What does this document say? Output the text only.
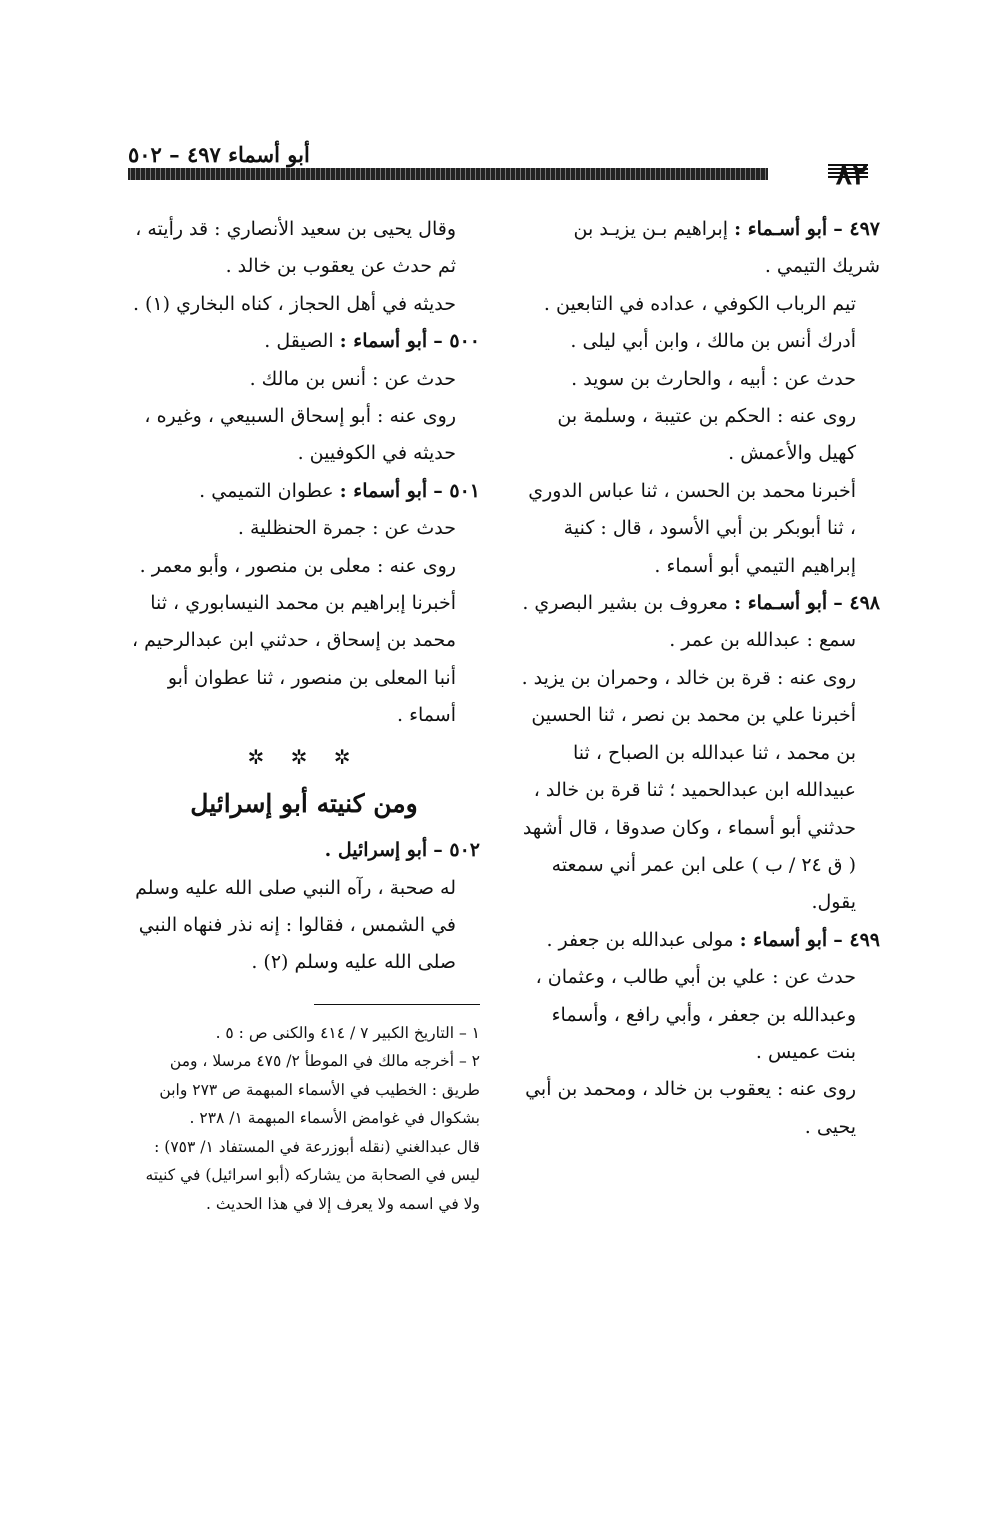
٨٢
أبو أسماء ٤٩٧ – ٥٠٢

٤٩٧ – أبو أسـماء : إبراهيم بـن يزيـد بن شريك التيمي .

تيم الرباب الكوفي ، عداده في التابعين .

أدرك أنس بن مالك ، وابن أبي ليلى .

حدث عن : أبيه ، والحارث بن سويد .

روى عنه : الحكم بن عتيبة ، وسلمة بن كهيل والأعمش .

أخبرنا محمد بن الحسن ، ثنا عباس الدوري ، ثنا أبوبكر بن أبي الأسود ، قال : كنية إبراهيم التيمي أبو أسماء .

٤٩٨ – أبو أسـماء : معروف بن بشير البصري .

سمع : عبدالله بن عمر .

روى عنه : قرة بن خالد ، وحمران بن يزيد .

أخبرنا علي بن محمد بن نصر ، ثنا الحسين بن محمد ، ثنا عبدالله بن الصباح ، ثنا عبيدالله ابن عبدالحميد ؛ ثنا قرة بن خالد ، حدثني أبو أسماء ، وكان صدوقا ، قال أشهد ( ق ٢٤ / ب ) على ابن عمر أني سمعته يقول.

٤٩٩ – أبو أسماء : مولى عبدالله بن جعفر .

حدث عن : علي بن أبي طالب ، وعثمان ، وعبدالله بن جعفر ، وأبي رافع ، وأسماء بنت عميس .

روى عنه : يعقوب بن خالد ، ومحمد بن أبي يحيى .

وقال يحيى بن سعيد الأنصاري : قد رأيته ، ثم حدث عن يعقوب بن خالد .

حديثه في أهل الحجاز ، كناه البخاري (١) .

٥٠٠ – أبو أسماء : الصيقل .

حدث عن : أنس بن مالك .

روى عنه : أبو إسحاق السبيعي ، وغيره ، حديثه في الكوفيين .

٥٠١ – أبو أسماء : عطوان التميمي .

حدث عن : جمرة الحنظلية .

روى عنه : معلى بن منصور ، وأبو معمر .

أخبرنا إبراهيم بن محمد النيسابوري ، ثنا محمد بن إسحاق ، حدثني ابن عبدالرحيم ، أنبا المعلى بن منصور ، ثنا عطوان أبو أسماء .

✲ ✲ ✲

ومن كنيته أبو إسرائيل

٥٠٢ – أبو إسرائيل .

له صحبة ، رآه النبي صلى الله عليه وسلم في الشمس ، فقالوا : إنه نذر فنهاه النبي صلى الله عليه وسلم (٢) .

١ – التاريخ الكبير ٧ / ٤١٤ والكنى ص : ٥ .

٢ – أخرجه مالك في الموطأ ٢/ ٤٧٥ مرسلا ، ومن طريق : الخطيب في الأسماء المبهمة ص ٢٧٣ وابن بشكوال في غوامض الأسماء المبهمة ١/ ٢٣٨ .

قال عبدالغني (نقله أبوزرعة في المستفاد ١/ ٧٥٣) : ليس في الصحابة من يشاركه (أبو اسرائيل) في كنيته ولا في اسمه ولا يعرف إلا في هذا الحديث .
